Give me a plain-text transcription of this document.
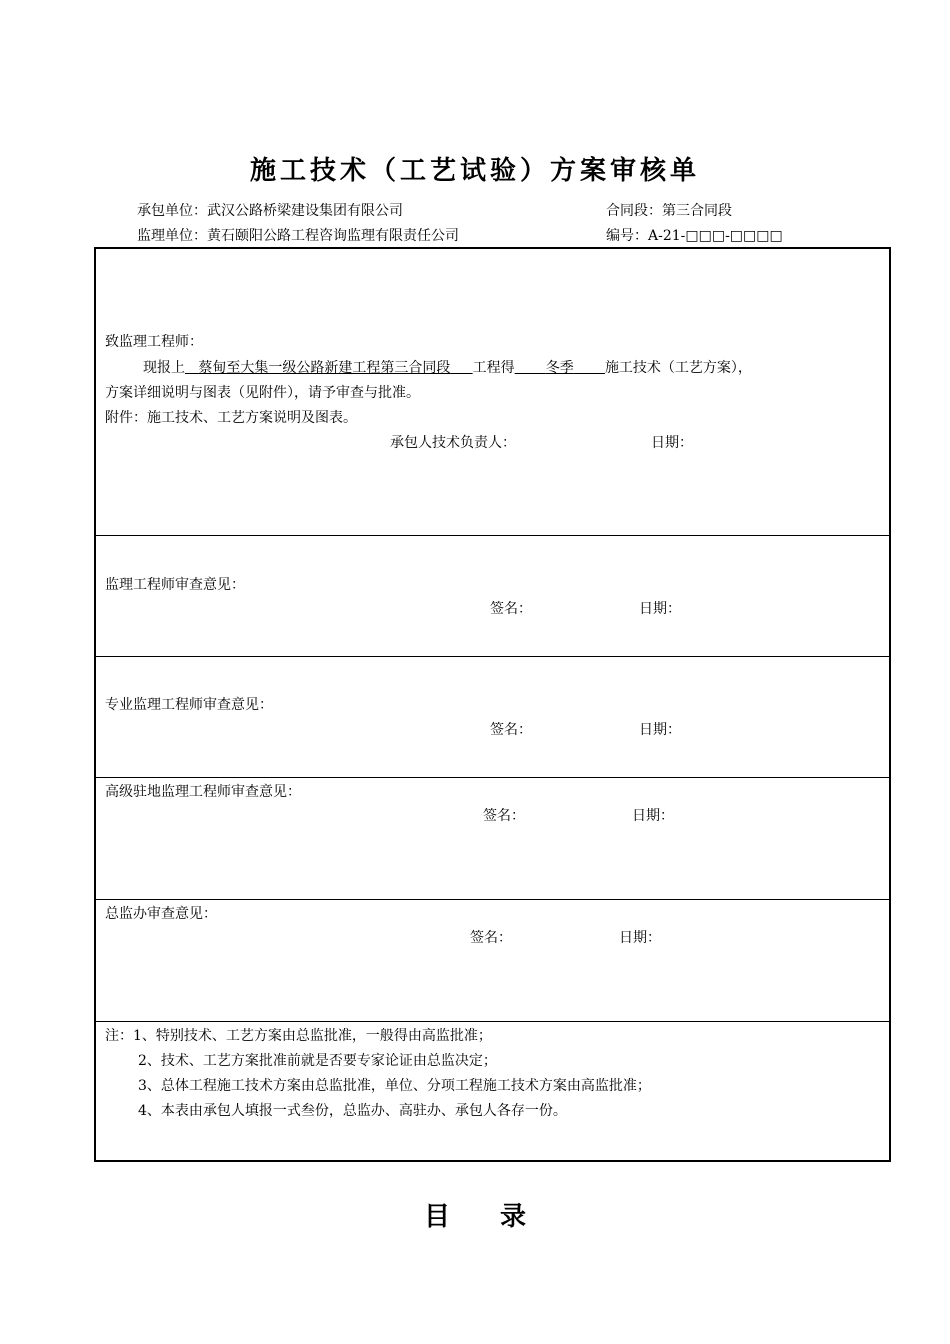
施工技术（工艺试验）方案审核单
承包单位：武汉公路桥梁建设集团有限公司	合同段：第三合同段
监理单位：黄石颐阳公路工程咨询监理有限责任公司	编号：A-21-□□□-□□□□
致监理工程师：
现报上 蔡甸至大集一级公路新建工程第三合同段 工程得 冬季 施工技术（工艺方案），
方案详细说明与图表（见附件），请予审查与批准。
附件：施工技术、工艺方案说明及图表。
承包人技术负责人：	日期：
监理工程师审查意见：
签名：	日期：
专业监理工程师审查意见：
签名：	日期：
高级驻地监理工程师审查意见：
签名：	日期：
总监办审查意见：
签名：	日期：
注：1、特别技术、工艺方案由总监批准，一般得由高监批准；
2、技术、工艺方案批准前就是否要专家论证由总监决定；
3、总体工程施工技术方案由总监批准，单位、分项工程施工技术方案由高监批准；
4、本表由承包人填报一式叁份，总监办、高驻办、承包人各存一份。
目录
